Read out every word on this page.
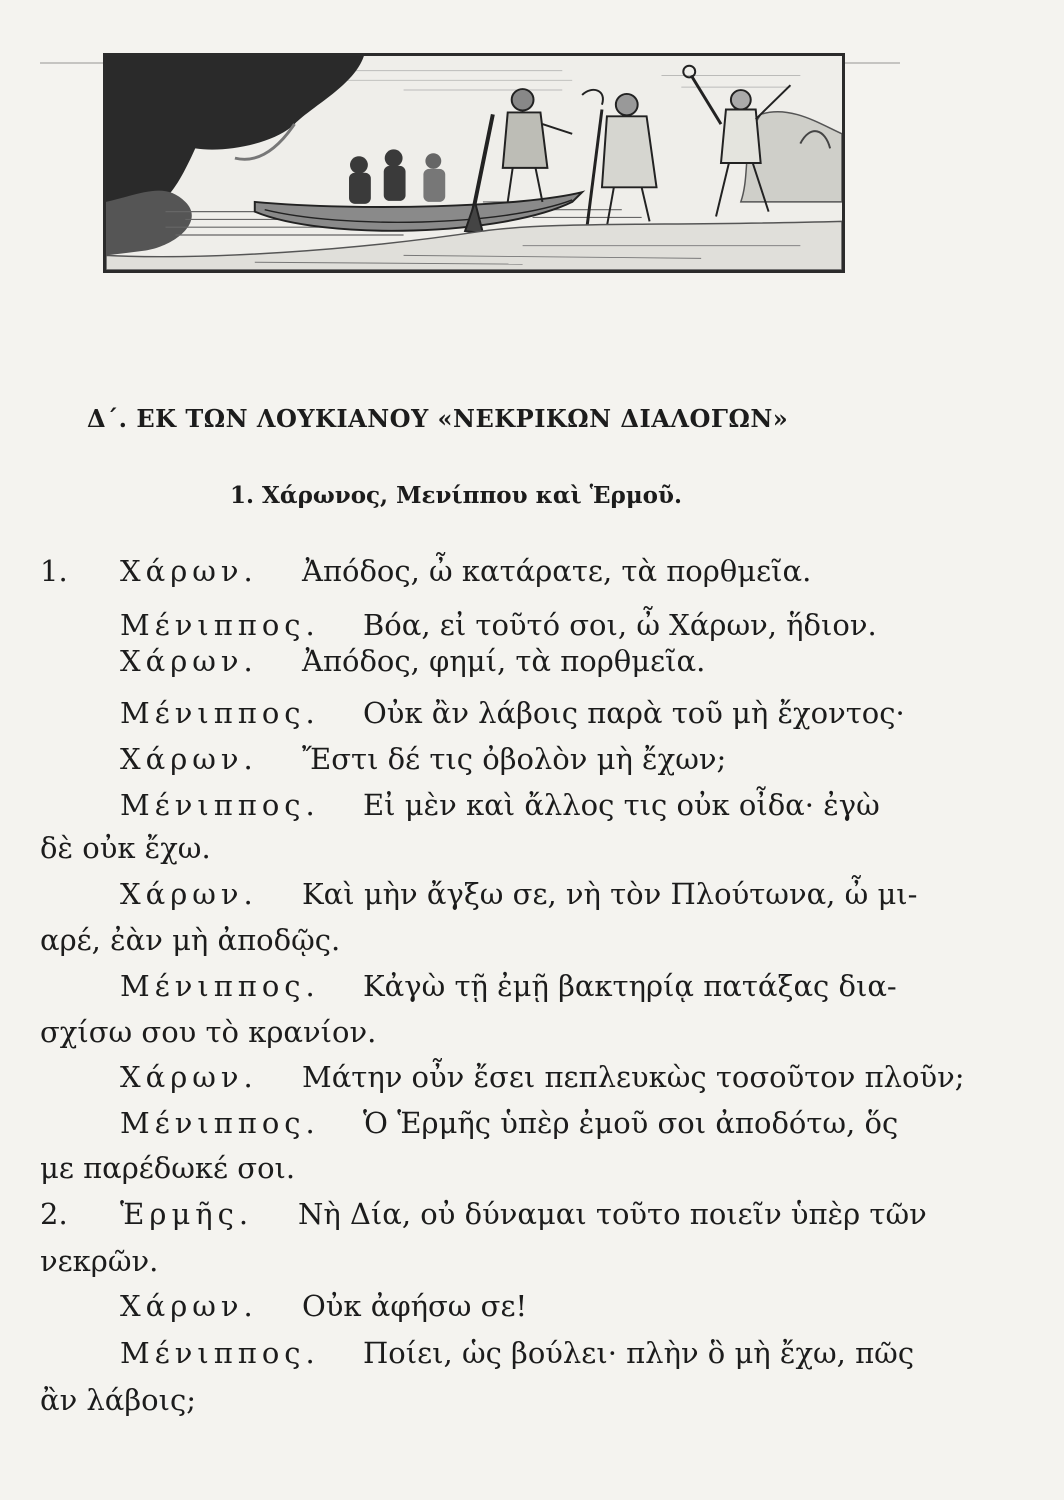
Δ΄. ΕΚ ΤΩΝ ΛΟΥΚΙΑΝΟΥ «ΝΕΚΡΙΚΩΝ ΔΙΑΛΟΓΩΝ»
1. Χάρωνος, Μενίππου καὶ Ἑρμοῦ.
1. Χάρων. Ἀπόδος, ὦ κατάρατε, τὰ πορθμεῖα.
Μένιππος. Βόα, εἰ τοῦτό σοι, ὦ Χάρων, ἥδιον.
Χάρων. Ἀπόδος, φημί, τὰ πορθμεῖα.
Μένιππος. Οὐκ ἂν λάβοις παρὰ τοῦ μὴ ἔχοντος·
Χάρων. Ἔστι δέ τις ὀβολὸν μὴ ἔχων;
Μένιππος. Εἰ μὲν καὶ ἄλλος τις οὐκ οἶδα· ἐγὼ
δὲ οὐκ ἔχω.
Χάρων. Καὶ μὴν ἄγξω σε, νὴ τὸν Πλούτωνα, ὦ μι-
αρέ, ἐὰν μὴ ἀποδῷς.
Μένιππος. Κἀγὼ τῇ ἐμῇ βακτηρίᾳ πατάξας δια-
σχίσω σου τὸ κρανίον.
Χάρων. Μάτην οὖν ἔσει πεπλευκὼς τοσοῦτον πλοῦν;
Μένιππος. Ὁ Ἑρμῆς ὑπὲρ ἐμοῦ σοι ἀποδότω, ὅς
με παρέδωκέ σοι.
2. Ἑρμῆς. Νὴ Δία, οὐ δύναμαι τοῦτο ποιεῖν ὑπὲρ τῶν
νεκρῶν.
Χάρων. Οὐκ ἀφήσω σε!
Μένιππος. Ποίει, ὡς βούλει· πλὴν ὃ μὴ ἔχω, πῶς
ἂν λάβοις;
